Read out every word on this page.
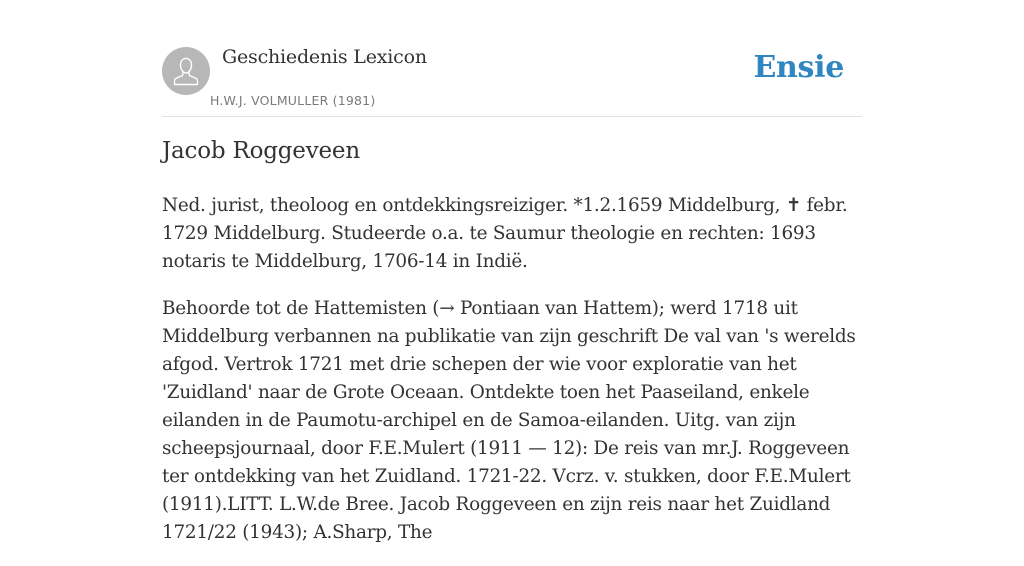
Geschiedenis Lexicon
H.W.J. VOLMULLER (1981)
Ensie
Jacob Roggeveen

Ned. jurist, theoloog en ontdekkingsreiziger. *1.2.1659 Middelburg, ✝ febr. 1729 Middelburg. Studeerde o.a. te Saumur theologie en rechten: 1693 notaris te Middelburg, 1706-14 in Indië.

Behoorde tot de Hattemisten (→ Pontiaan van Hattem); werd 1718 uit Middelburg verbannen na publikatie van zijn geschrift De val van 's werelds afgod. Vertrok 1721 met drie schepen der wie voor exploratie van het 'Zuidland' naar de Grote Oceaan. Ontdekte toen het Paaseiland, enkele eilanden in de Paumotu-archipel en de Samoa-eilanden. Uitg. van zijn scheepsjournaal, door F.E.Mulert (1911 — 12): De reis van mr.J. Roggeveen ter ontdekking van het Zuidland. 1721-22. Vcrz. v. stukken, door F.E.Mulert (1911).LITT. L.W.de Bree. Jacob Roggeveen en zijn reis naar het Zuidland 1721/22 (1943); A.Sharp, The
